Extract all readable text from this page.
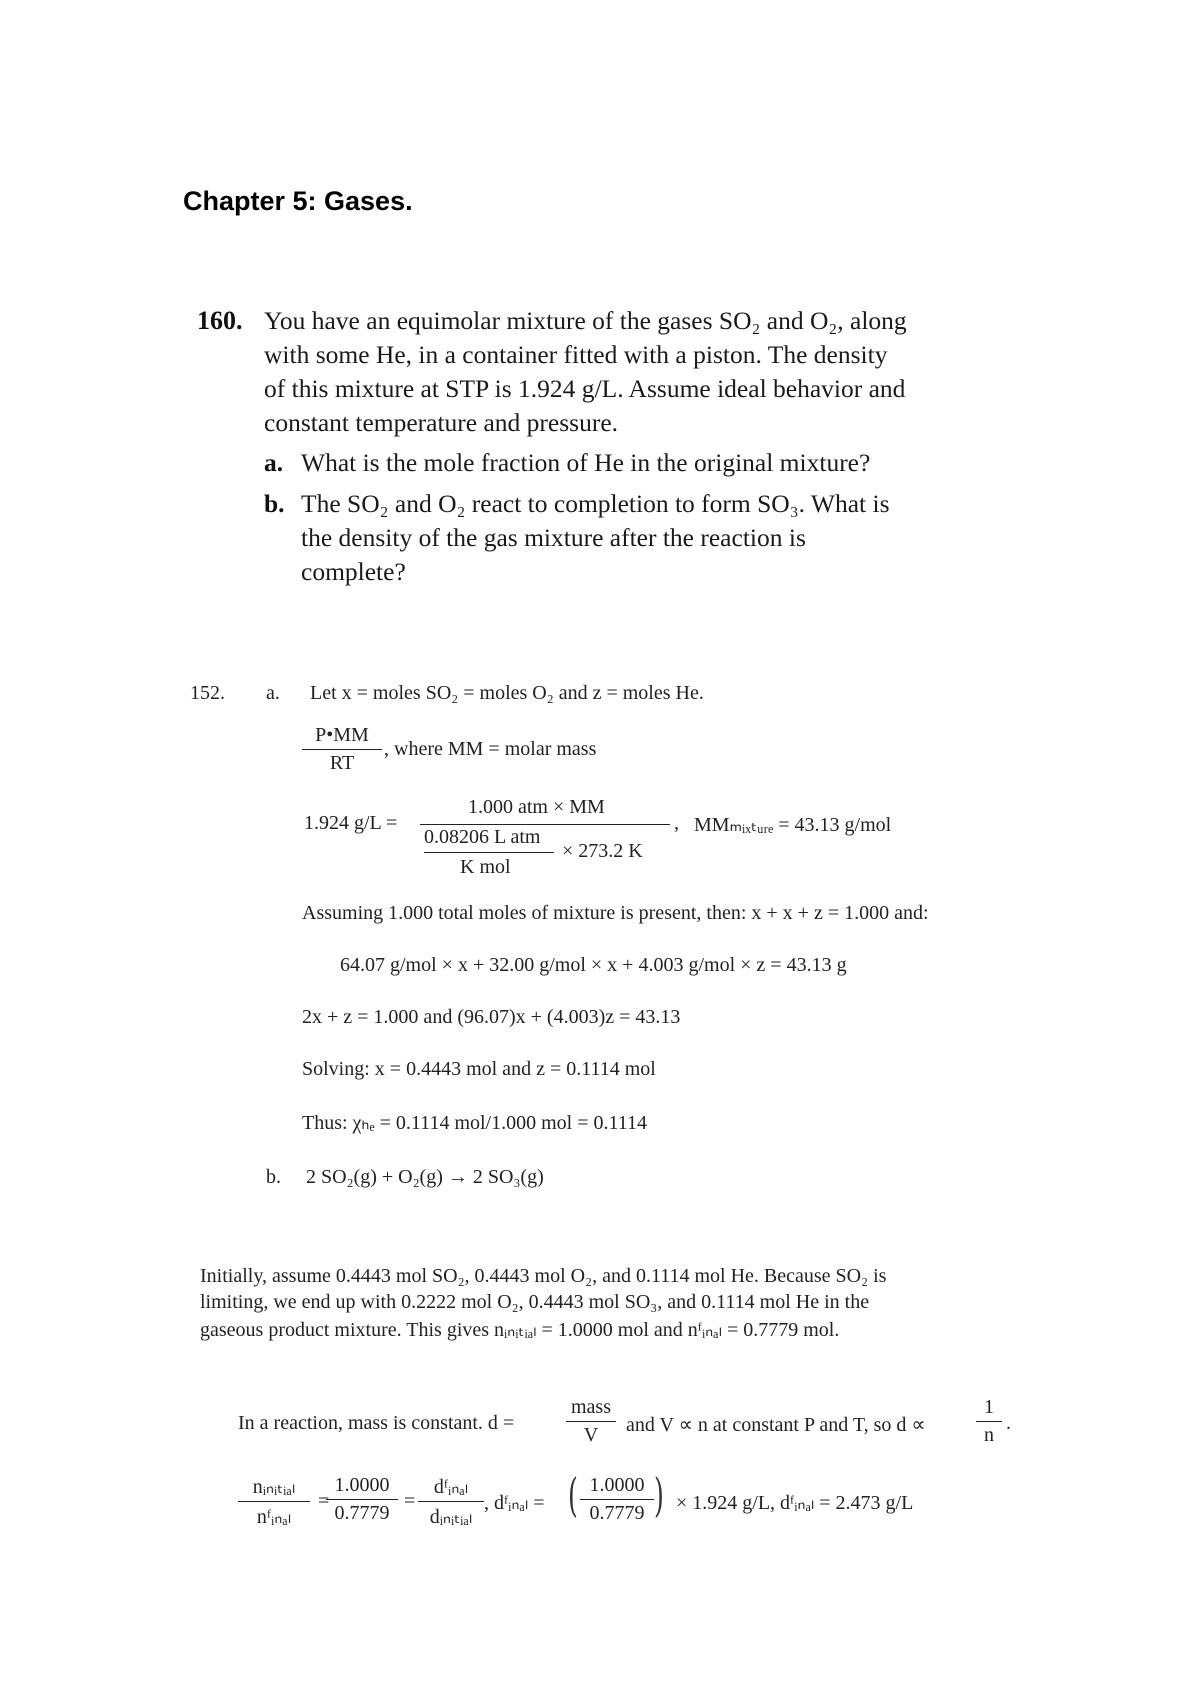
Chapter 5: Gases.
160. You have an equimolar mixture of the gases SO₂ and O₂, along
with some He, in a container fitted with a piston. The density
of this mixture at STP is 1.924 g/L. Assume ideal behavior and
constant temperature and pressure.
a. What is the mole fraction of He in the original mixture?
b. The SO₂ and O₂ react to completion to form SO₃. What is
the density of the gas mixture after the reaction is
complete?
152. a. Let x = moles SO₂ = moles O₂ and z = moles He.
P•MM
RT
, where MM = molar mass
1.924 g/L =
1.000 atm × MM
0.08206 L atm
K mol
× 273.2 K
, MMₘᵢₓₜᵤᵣₑ = 43.13 g/mol
Assuming 1.000 total moles of mixture is present, then: x + x + z = 1.000 and:
64.07 g/mol × x + 32.00 g/mol × x + 4.003 g/mol × z = 43.13 g
2x + z = 1.000 and (96.07)x + (4.003)z = 43.13
Solving: x = 0.4443 mol and z = 0.1114 mol
Thus: χₕₑ = 0.1114 mol/1.000 mol = 0.1114
b. 2 SO₂(g) + O₂(g) → 2 SO₃(g)
Initially, assume 0.4443 mol SO₂, 0.4443 mol O₂, and 0.1114 mol He. Because SO₂ is
limiting, we end up with 0.2222 mol O₂, 0.4443 mol SO₃, and 0.1114 mol He in the
gaseous product mixture. This gives nᵢₙᵢₜᵢₐₗ = 1.0000 mol and nᶠᵢₙₐₗ = 0.7779 mol.
In a reaction, mass is constant. d =
mass
V	and V ∝ n at constant P and T, so d ∝
1
n
.
nᵢₙᵢₜᵢₐₗ
nᶠᵢₙₐₗ
=
1.0000
0.7779
=
dᶠᵢₙₐₗ
dᵢₙᵢₜᵢₐₗ
, dᶠᵢₙₐₗ = ( 1.0000
0.7779 ) × 1.924 g/L, dᶠᵢₙₐₗ = 2.473 g/L
